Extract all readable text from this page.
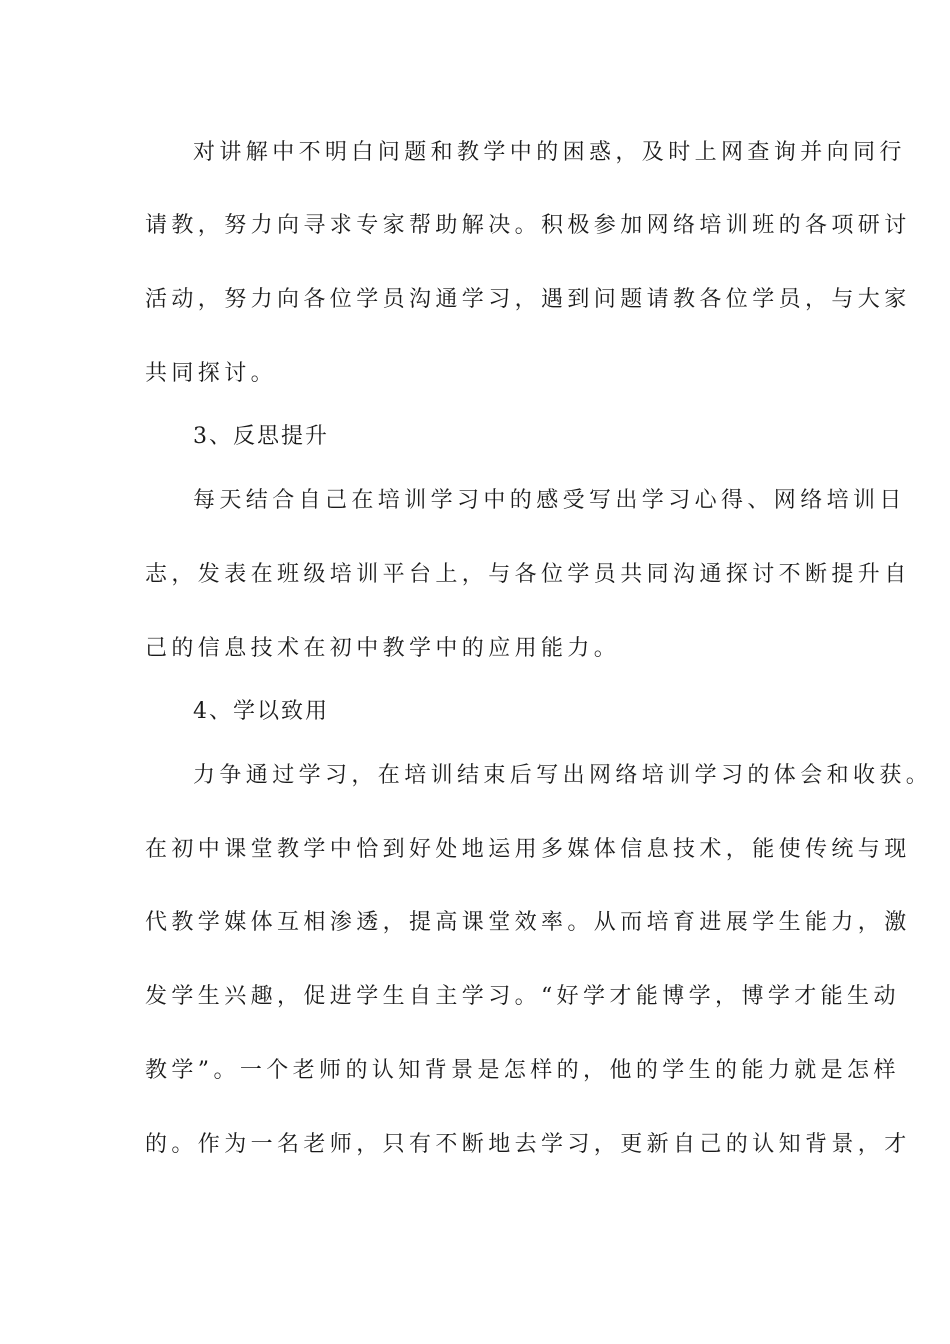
对讲解中不明白问题和教学中的困惑，及时上网查询并向同行

请教，努力向寻求专家帮助解决。积极参加网络培训班的各项研讨

活动，努力向各位学员沟通学习，遇到问题请教各位学员，与大家

共同探讨。

3、反思提升

每天结合自己在培训学习中的感受写出学习心得、网络培训日

志，发表在班级培训平台上，与各位学员共同沟通探讨不断提升自

己的信息技术在初中教学中的应用能力。

4、学以致用

力争通过学习，在培训结束后写出网络培训学习的体会和收获。

在初中课堂教学中恰到好处地运用多媒体信息技术，能使传统与现

代教学媒体互相渗透，提高课堂效率。从而培育进展学生能力，激

发学生兴趣，促进学生自主学习。“好学才能博学，博学才能生动

教学”。一个老师的认知背景是怎样的，他的学生的能力就是怎样

的。作为一名老师，只有不断地去学习，更新自己的认知背景，才
